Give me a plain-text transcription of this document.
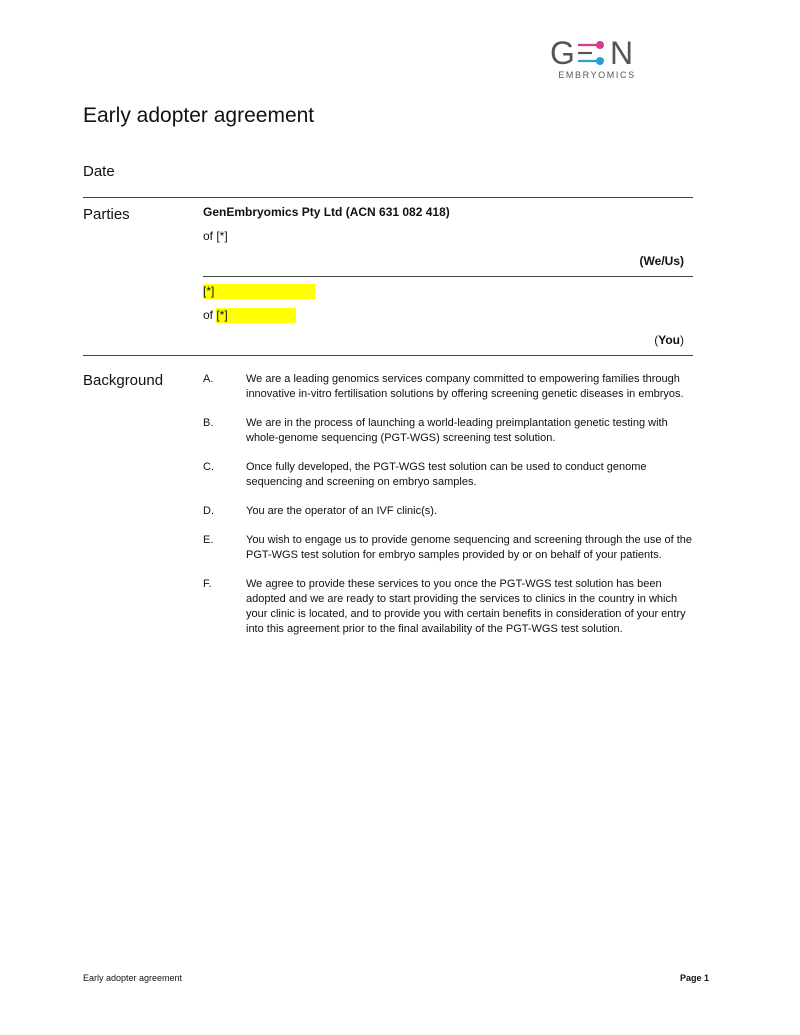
G N
EMBRYOMICS
Early adopter agreement
Date
Parties	GenEmbryomics Pty Ltd (ACN 631 082 418)
of [*]
(We/Us)
[*]
of [*]
(You)
Background	A.	We are a leading genomics services company committed to empowering families through innovative in-vitro fertilisation solutions by offering screening genetic diseases in embryos.
B.	We are in the process of launching a world-leading preimplantation genetic testing with whole-genome sequencing (PGT-WGS) screening test solution.
C.	Once fully developed, the PGT-WGS test solution can be used to conduct genome sequencing and screening on embryo samples.
D.	You are the operator of an IVF clinic(s).
E.	You wish to engage us to provide genome sequencing and screening through the use of the PGT-WGS test solution for embryo samples provided by or on behalf of your patients.
F.	We agree to provide these services to you once the PGT-WGS test solution has been adopted and we are ready to start providing the services to clinics in the country in which your clinic is located, and to provide you with certain benefits in consideration of your entry into this agreement prior to the final availability of the PGT-WGS test solution.
Early adopter agreement	Page 1
